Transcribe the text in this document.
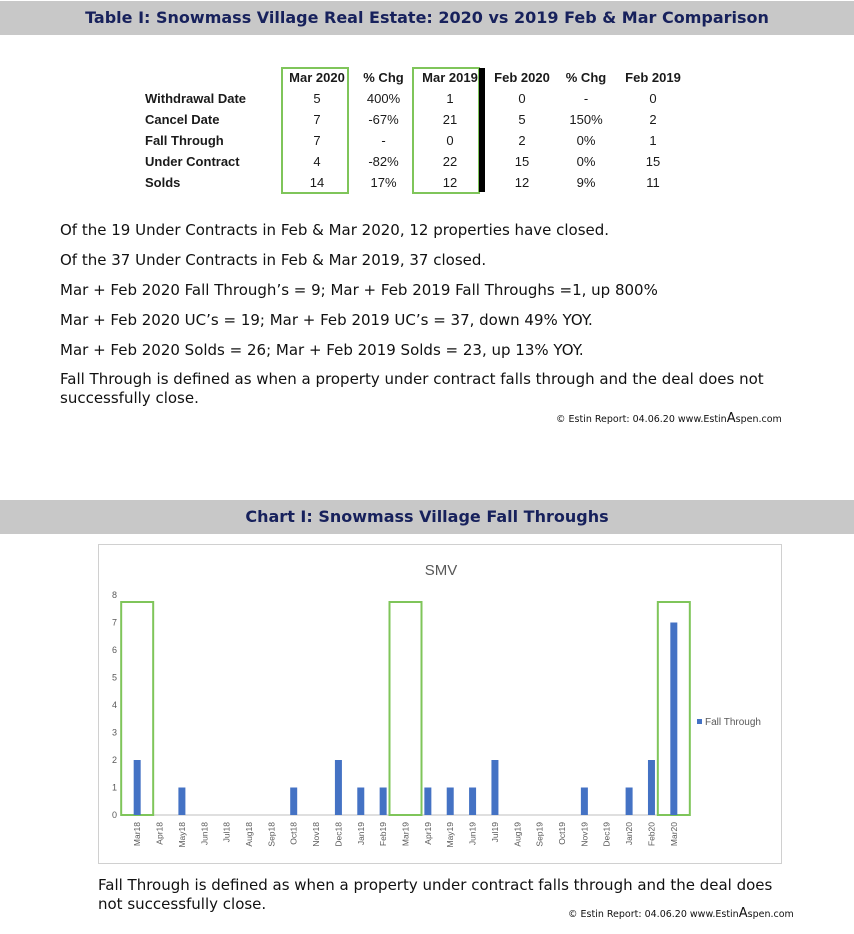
Table I: Snowmass Village Real Estate: 2020 vs 2019 Feb & Mar Comparison
	Mar 2020	% Chg	Mar 2019	Feb 2020	% Chg	Feb 2019
Withdrawal Date	5	400%	1	0	-	0
Cancel Date	7	-67%	21	5	150%	2
Fall Through	7	-	0	2	0%	1
Under Contract	4	-82%	22	15	0%	15
Solds	14	17%	12	12	9%	11

Of the 19 Under Contracts in Feb & Mar 2020, 12 properties have closed.

Of the 37 Under Contracts in Feb & Mar 2019, 37 closed.

Mar + Feb 2020 Fall Through’s = 9; Mar + Feb 2019 Fall Throughs =1, up 800%

Mar + Feb 2020 UC’s = 19; Mar + Feb 2019 UC’s = 37, down 49% YOY.

Mar + Feb 2020 Solds = 26; Mar + Feb 2019 Solds = 23, up 13% YOY.

Fall Through is defined as when a property under contract falls through and the deal does not successfully close.

© Estin Report: 04.06.20 www.EstinAspen.com
Chart I: Snowmass Village Fall Throughs
SMV
0
1
2
3
4
5
6
7
8
Mar18 Apr18 May18 Jun18 Jul18 Aug18 Sep18 Oct18 Nov18 Dec18 Jan19 Feb19 Mar19 Apr19 May19 Jun19 Jul19 Aug19 Sep19 Oct19 Nov19 Dec19 Jan20 Feb20 Mar20
Fall Through

Fall Through is defined as when a property under contract falls through and the deal does not successfully close.

© Estin Report: 04.06.20 www.EstinAspen.com
